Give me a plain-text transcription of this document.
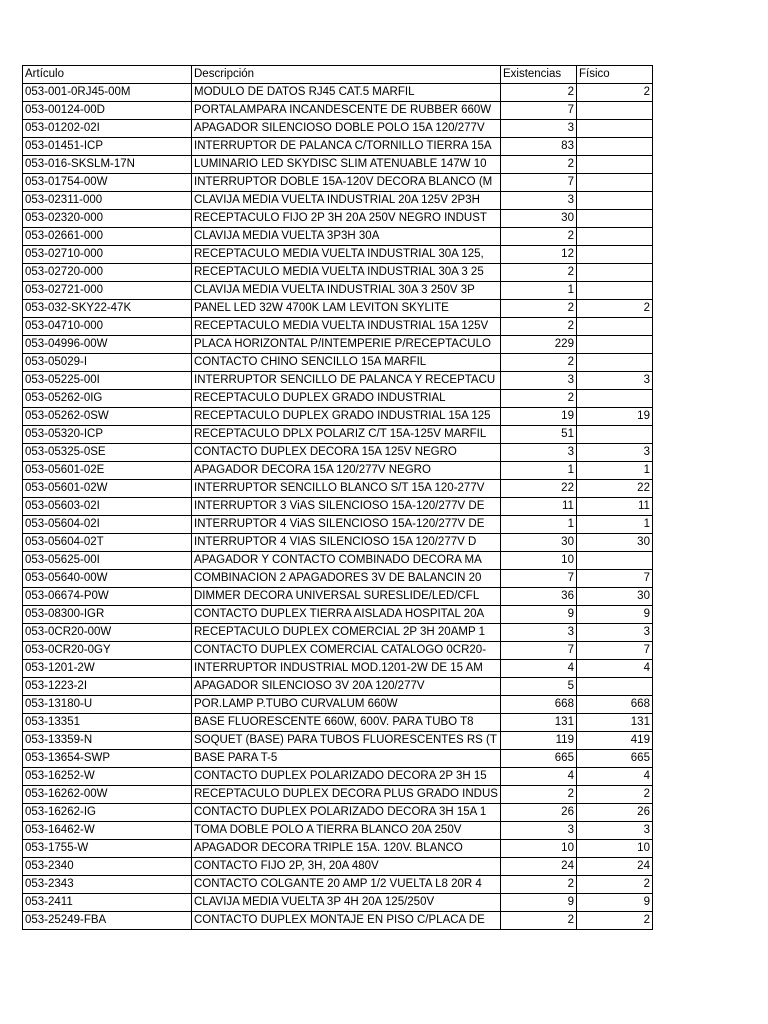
Artículo	Descripción	Existencias	Físico
053-001-0RJ45-00M	MODULO DE DATOS RJ45 CAT.5 MARFIL	2	2
053-00124-00D	PORTALAMPARA INCANDESCENTE DE RUBBER 660W	7	
053-01202-02I	APAGADOR SILENCIOSO DOBLE POLO 15A 120/277V	3	
053-01451-ICP	INTERRUPTOR DE PALANCA C/TORNILLO TIERRA 15A	83	
053-016-SKSLM-17N	LUMINARIO LED SKYDISC SLIM ATENUABLE 147W 10	2	
053-01754-00W	INTERRUPTOR DOBLE 15A-120V DECORA BLANCO (M	7	
053-02311-000	CLAVIJA MEDIA VUELTA INDUSTRIAL 20A 125V 2P3H	3	
053-02320-000	RECEPTACULO FIJO 2P 3H 20A 250V NEGRO INDUST	30	
053-02661-000	CLAVIJA MEDIA VUELTA 3P3H 30A	2	
053-02710-000	RECEPTACULO MEDIA VUELTA INDUSTRIAL 30A 125,	12	
053-02720-000	RECEPTACULO MEDIA VUELTA INDUSTRIAL 30A 3 25	2	
053-02721-000	CLAVIJA MEDIA VUELTA INDUSTRIAL 30A 3 250V 3P	1	
053-032-SKY22-47K	PANEL LED 32W 4700K LAM LEVITON SKYLITE	2	2
053-04710-000	RECEPTACULO MEDIA VUELTA INDUSTRIAL 15A 125V	2	
053-04996-00W	PLACA HORIZONTAL P/INTEMPERIE P/RECEPTACULO	229	
053-05029-I	CONTACTO CHINO SENCILLO 15A MARFIL	2	
053-05225-00I	INTERRUPTOR SENCILLO DE PALANCA Y RECEPTACU	3	3
053-05262-0IG	RECEPTACULO DUPLEX GRADO INDUSTRIAL	2	
053-05262-0SW	RECEPTACULO DUPLEX GRADO INDUSTRIAL 15A 125	19	19
053-05320-ICP	RECEPTACULO DPLX POLARIZ C/T 15A-125V MARFIL	51	
053-05325-0SE	CONTACTO DUPLEX DECORA 15A 125V NEGRO	3	3
053-05601-02E	APAGADOR DECORA 15A 120/277V NEGRO	1	1
053-05601-02W	INTERRUPTOR SENCILLO BLANCO S/T 15A 120-277V	22	22
053-05603-02I	INTERRUPTOR 3 ViAS SILENCIOSO 15A-120/277V DE	11	11
053-05604-02I	INTERRUPTOR 4 ViAS SILENCIOSO 15A-120/277V DE	1	1
053-05604-02T	INTERRUPTOR 4 VIAS SILENCIOSO 15A 120/277V D	30	30
053-05625-00I	APAGADOR Y CONTACTO COMBINADO DECORA MA	10	
053-05640-00W	COMBINACION 2 APAGADORES 3V DE BALANCIN 20	7	7
053-06674-P0W	DIMMER DECORA UNIVERSAL SURESLIDE/LED/CFL	36	30
053-08300-IGR	CONTACTO DUPLEX TIERRA AISLADA HOSPITAL 20A	9	9
053-0CR20-00W	RECEPTACULO DUPLEX COMERCIAL 2P 3H 20AMP 1	3	3
053-0CR20-0GY	CONTACTO DUPLEX COMERCIAL CATALOGO 0CR20-	7	7
053-1201-2W	INTERRUPTOR INDUSTRIAL MOD.1201-2W DE 15 AM	4	4
053-1223-2I	APAGADOR SILENCIOSO 3V 20A 120/277V	5	
053-13180-U	POR.LAMP P.TUBO CURVALUM 660W	668	668
053-13351	BASE FLUORESCENTE 660W, 600V. PARA TUBO T8	131	131
053-13359-N	SOQUET (BASE) PARA TUBOS FLUORESCENTES RS (T	119	419
053-13654-SWP	BASE PARA T-5	665	665
053-16252-W	CONTACTO DUPLEX POLARIZADO DECORA 2P 3H 15	4	4
053-16262-00W	RECEPTACULO DUPLEX DECORA PLUS GRADO INDUS	2	2
053-16262-IG	CONTACTO DUPLEX POLARIZADO DECORA 3H 15A 1	26	26
053-16462-W	TOMA DOBLE POLO A TIERRA BLANCO 20A 250V	3	3
053-1755-W	APAGADOR DECORA TRIPLE 15A. 120V. BLANCO	10	10
053-2340	CONTACTO FIJO 2P, 3H, 20A 480V	24	24
053-2343	CONTACTO COLGANTE 20 AMP 1/2 VUELTA L8 20R 4	2	2
053-2411	CLAVIJA MEDIA VUELTA 3P 4H 20A 125/250V	9	9
053-25249-FBA	CONTACTO DUPLEX MONTAJE EN PISO C/PLACA DE	2	2
